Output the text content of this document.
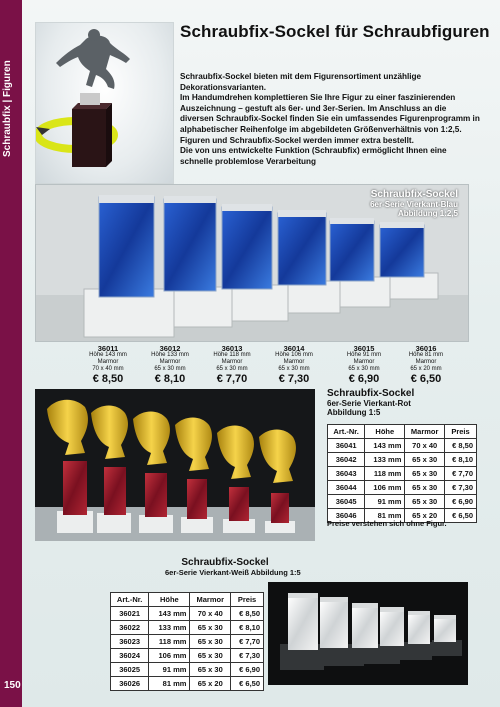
Schraubfix | Figuren
150
Schraubfix-Sockel für Schraubfiguren

Schraubfix-Sockel bieten mit dem Figurensortiment unzählige Dekorationsvarianten.

Im Handumdrehen komplettieren Sie Ihre Figur zu einer faszinierenden Auszeichnung – gestuft als 6er- und 3er-Serien. Im Anschluss an die diversen Schraubfix-Sockel finden Sie ein umfassendes Figurenprogramm in alphabetischer Reihenfolge im abgebildeten Größenverhältnis von 1:2,5.

Figuren und Schraubfix-Sockel werden immer extra bestellt.

Die von uns entwickelte Funktion (Schraubfix) ermöglicht Ihnen eine schnelle problemlose Verarbeitung

Schraubfix-Sockel
6er-Serie Vierkant-Blau
Abbildung 1:2,5
36011
Höhe 143 mm
Marmor
70 x 40 mm
€ 8,50
36012
Höhe 133 mm
Marmor
65 x 30 mm
€ 8,10
36013
Höhe 118 mm
Marmor
65 x 30 mm
€ 7,70
36014
Höhe 106 mm
Marmor
65 x 30 mm
€ 7,30
36015
Höhe 91 mm
Marmor
65 x 30 mm
€ 6,90
36016
Höhe 81 mm
Marmor
65 x 20 mm
€ 6,50
Schraubfix-Sockel
6er-Serie Vierkant-Rot
Abbildung 1:5
Art.-Nr.	Höhe	Marmor	Preis
36041	143 mm	70 x 40	€ 8,50
36042	133 mm	65 x 30	€ 8,10
36043	118 mm	65 x 30	€ 7,70
36044	106 mm	65 x 30	€ 7,30
36045	91 mm	65 x 30	€ 6,90
36046	81 mm	65 x 20	€ 6,50
Preise verstehen sich ohne Figur.
Schraubfix-Sockel
6er-Serie Vierkant-Weiß Abbildung 1:5
Art.-Nr.	Höhe	Marmor	Preis
36021	143 mm	70 x 40	€ 8,50
36022	133 mm	65 x 30	€ 8,10
36023	118 mm	65 x 30	€ 7,70
36024	106 mm	65 x 30	€ 7,30
36025	91 mm	65 x 30	€ 6,90
36026	81 mm	65 x 20	€ 6,50
